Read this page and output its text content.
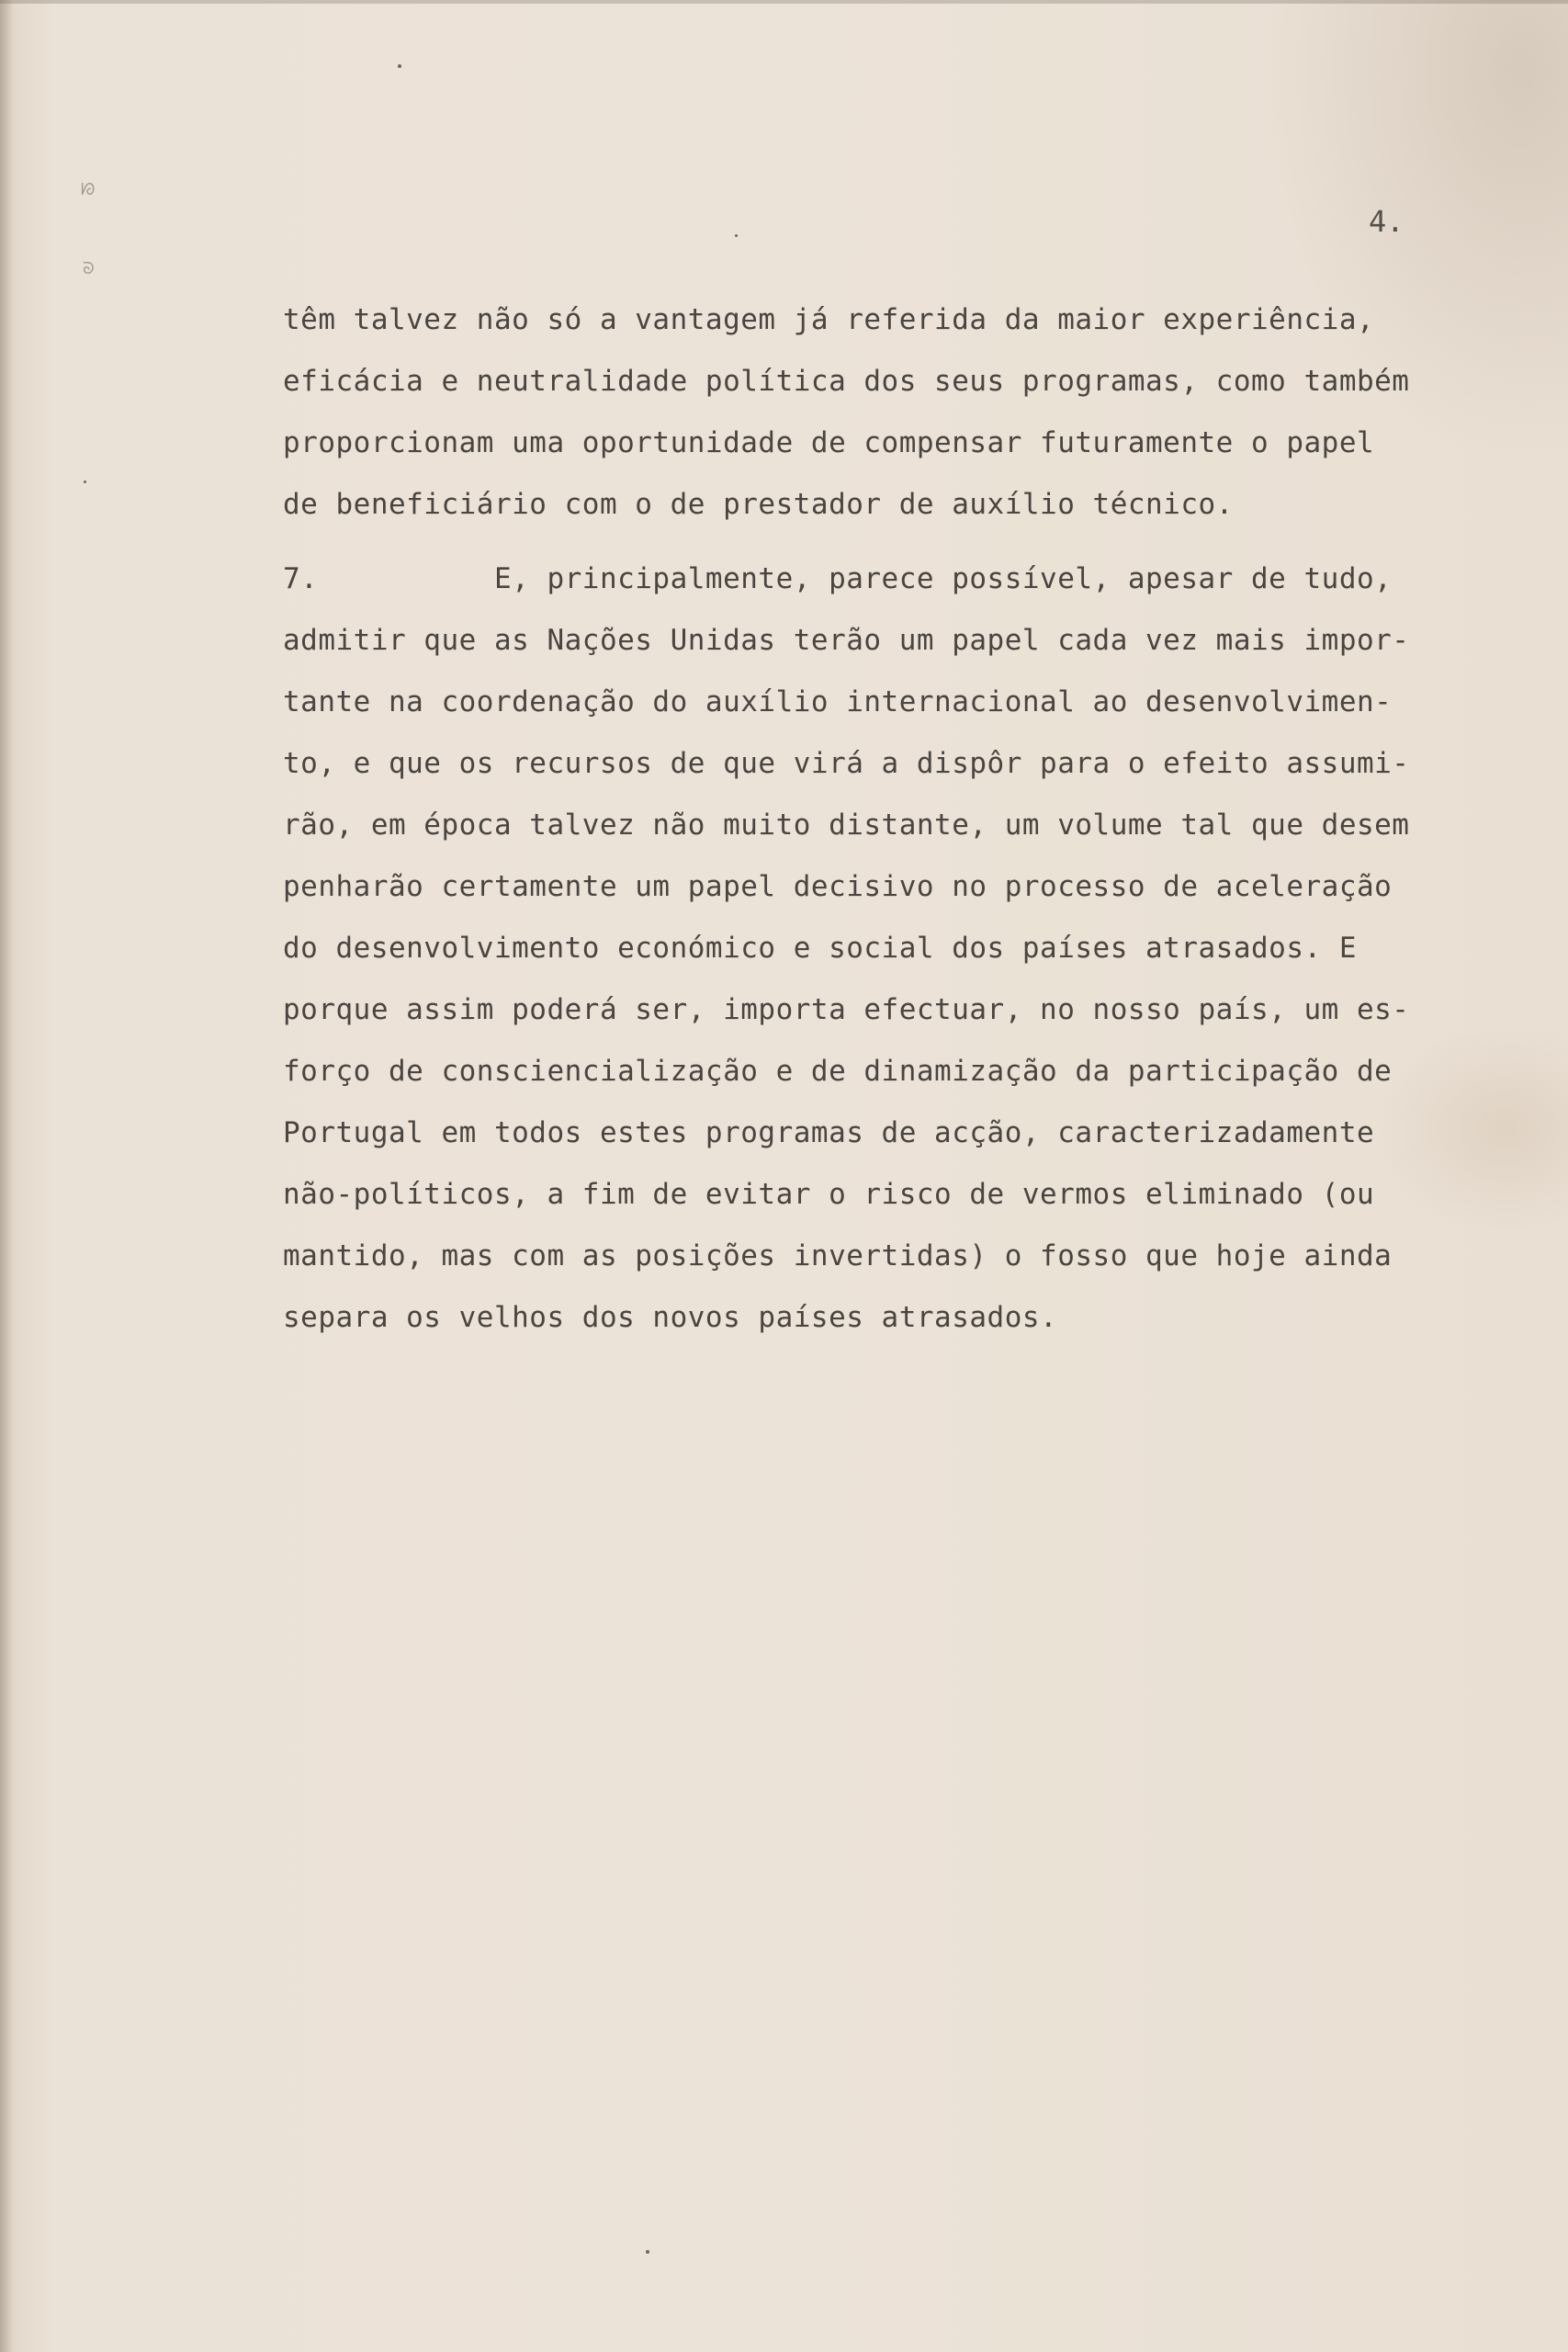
ᘗ
ᘐ
4.
têm talvez não só a vantagem já referida da maior experiência,
eficácia e neutralidade política dos seus programas, como também
proporcionam uma oportunidade de compensar futuramente o papel
de beneficiário com o de prestador de auxílio técnico.
7.          E, principalmente, parece possível, apesar de tudo,
admitir que as Nações Unidas terão um papel cada vez mais impor-
tante na coordenação do auxílio internacional ao desenvolvimen-
to, e que os recursos de que virá a dispôr para o efeito assumi-
rão, em época talvez não muito distante, um volume tal que desem
penharão certamente um papel decisivo no processo de aceleração
do desenvolvimento económico e social dos países atrasados. E
porque assim poderá ser, importa efectuar, no nosso país, um es-
forço de consciencialização e de dinamização da participação de
Portugal em todos estes programas de acção, caracterizadamente
não-políticos, a fim de evitar o risco de vermos eliminado (ou
mantido, mas com as posições invertidas) o fosso que hoje ainda
separa os velhos dos novos países atrasados.
